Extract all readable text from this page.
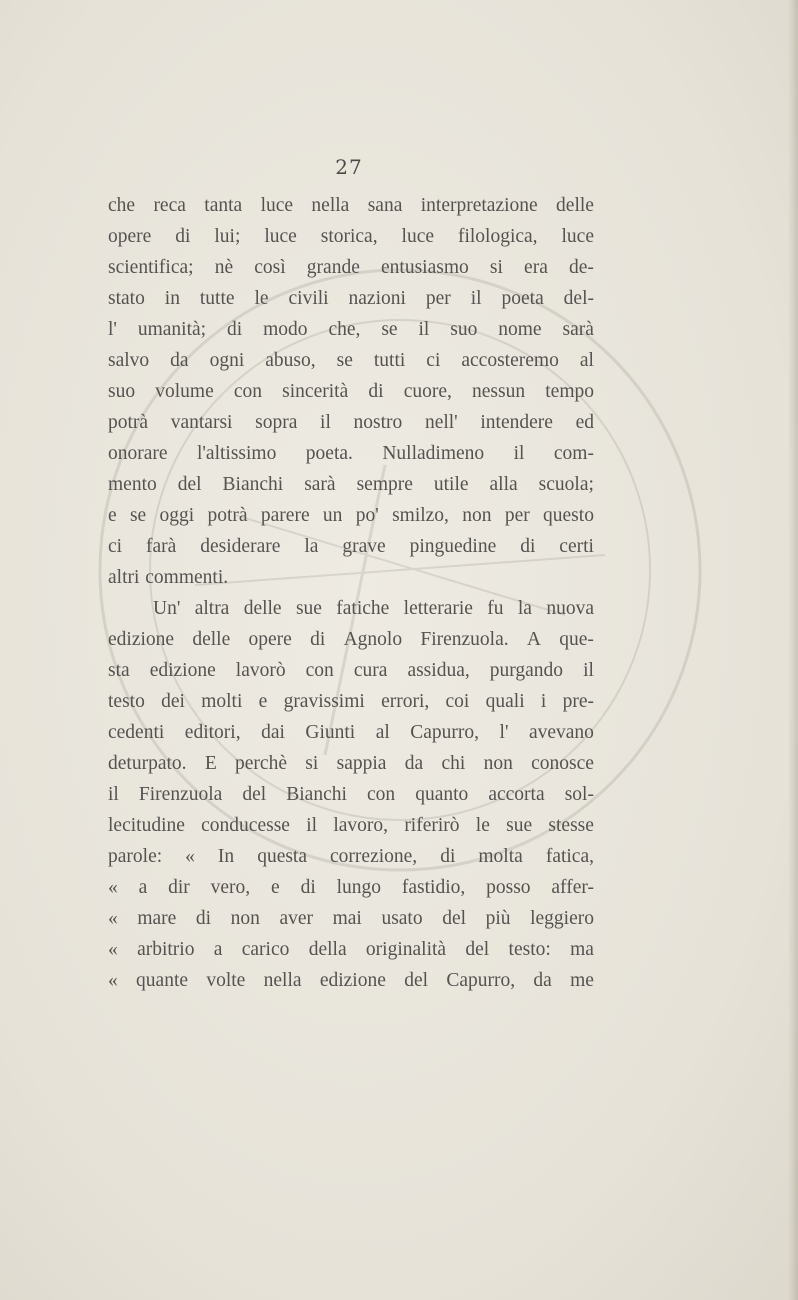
27
che reca tanta luce nella sana interpretazione delle
opere di lui; luce storica, luce filologica, luce
scientifica; nè così grande entusiasmo si era de-
stato in tutte le civili nazioni per il poeta del-
l' umanità; di modo che, se il suo nome sarà
salvo da ogni abuso, se tutti ci accosteremo al
suo volume con sincerità di cuore, nessun tempo
potrà vantarsi sopra il nostro nell' intendere ed
onorare l'altissimo poeta. Nulladimeno il com-
mento del Bianchi sarà sempre utile alla scuola;
e se oggi potrà parere un po' smilzo, non per questo
ci farà desiderare la grave pinguedine di certi
altri commenti.
Un' altra delle sue fatiche letterarie fu la nuova
edizione delle opere di Agnolo Firenzuola. A que-
sta edizione lavorò con cura assidua, purgando il
testo dei molti e gravissimi errori, coi quali i pre-
cedenti editori, dai Giunti al Capurro, l' avevano
deturpato. E perchè si sappia da chi non conosce
il Firenzuola del Bianchi con quanto accorta sol-
lecitudine conducesse il lavoro, riferirò le sue stesse
parole: « In questa correzione, di molta fatica,
« a dir vero, e di lungo fastidio, posso affer-
« mare di non aver mai usato del più leggiero
« arbitrio a carico della originalità del testo: ma
« quante volte nella edizione del Capurro, da me
